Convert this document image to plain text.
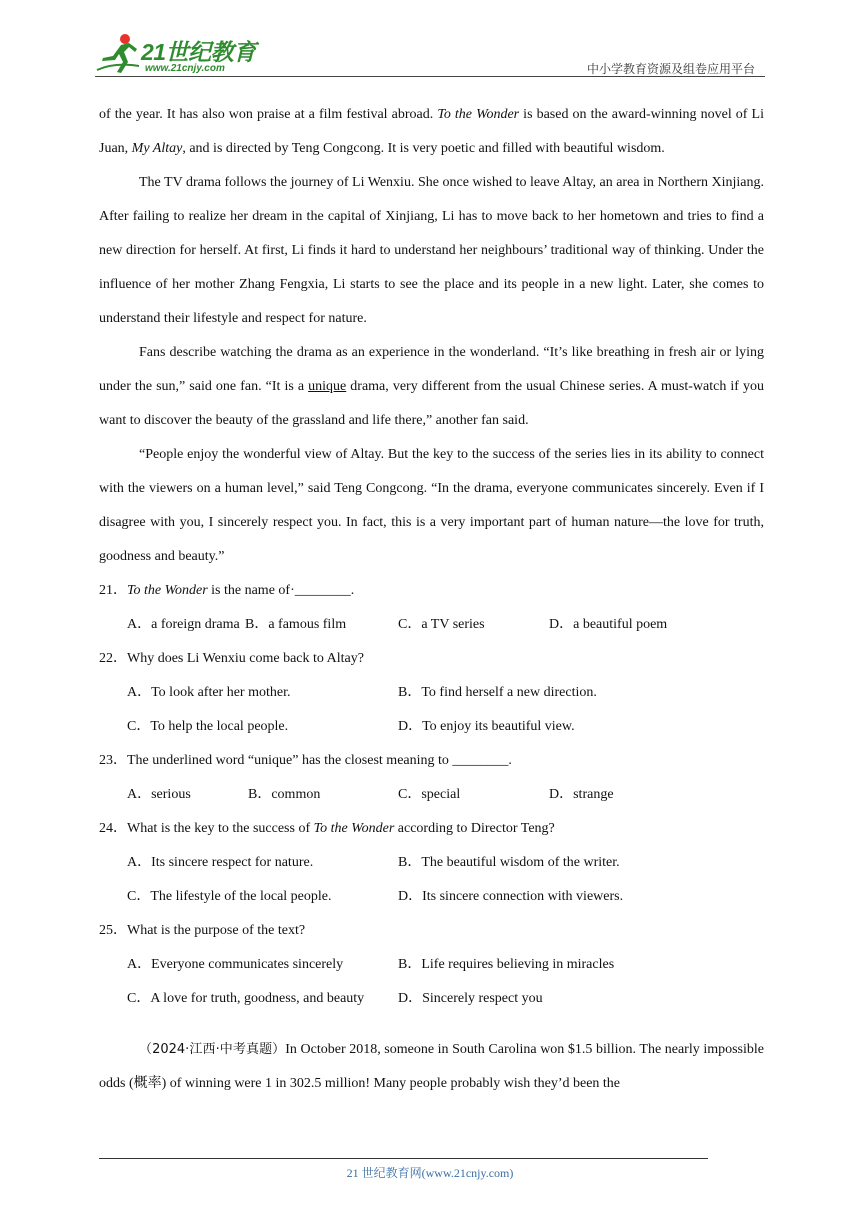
21世纪教育
www.21cnjy.com	中小学教育资源及组卷应用平台

of the year. It has also won praise at a film festival abroad. To the Wonder is based on the award-winning novel of Li Juan, My Altay, and is directed by Teng Congcong. It is very poetic and filled with beautiful wisdom.

The TV drama follows the journey of Li Wenxiu. She once wished to leave Altay, an area in Northern Xinjiang. After failing to realize her dream in the capital of Xinjiang, Li has to move back to her hometown and tries to find a new direction for herself. At first, Li finds it hard to understand her neighbours’ traditional way of thinking. Under the influence of her mother Zhang Fengxia, Li starts to see the place and its people in a new light. Later, she comes to understand their lifestyle and respect for nature.

Fans describe watching the drama as an experience in the wonderland. “It’s like breathing in fresh air or lying under the sun,” said one fan. “It is a unique drama, very different from the usual Chinese series. A must-watch if you want to discover the beauty of the grassland and life there,” another fan said.

“People enjoy the wonderful view of Altay. But the key to the success of the series lies in its ability to connect with the viewers on a human level,” said Teng Congcong. “In the drama, everyone communicates sincerely. Even if I disagree with you, I sincerely respect you. In fact, this is a very important part of human nature—the love for truth, goodness and beauty.”

21．To the Wonder is the name of·________.

A．a foreign drama B．a famous film	C．a TV series	D．a beautiful poem

22．Why does Li Wenxiu come back to Altay?

A．To look after her mother.	B．To find herself a new direction.
C．To help the local people.	D．To enjoy its beautiful view.

23．The underlined word “unique” has the closest meaning to ________.

A．serious	B．common	C．special	D．strange

24．What is the key to the success of To the Wonder according to Director Teng?

A．Its sincere respect for nature.	B．The beautiful wisdom of the writer.
C．The lifestyle of the local people.	D．Its sincere connection with viewers.

25．What is the purpose of the text?

A．Everyone communicates sincerely	B．Life requires believing in miracles
C．A love for truth, goodness, and beauty D．Sincerely respect you

（2024·江西·中考真题）In October 2018, someone in South Carolina won $1.5 billion. The nearly impossible odds (概率) of winning were 1 in 302.5 million! Many people probably wish they’d been the

21 世纪教育网(www.21cnjy.com)
